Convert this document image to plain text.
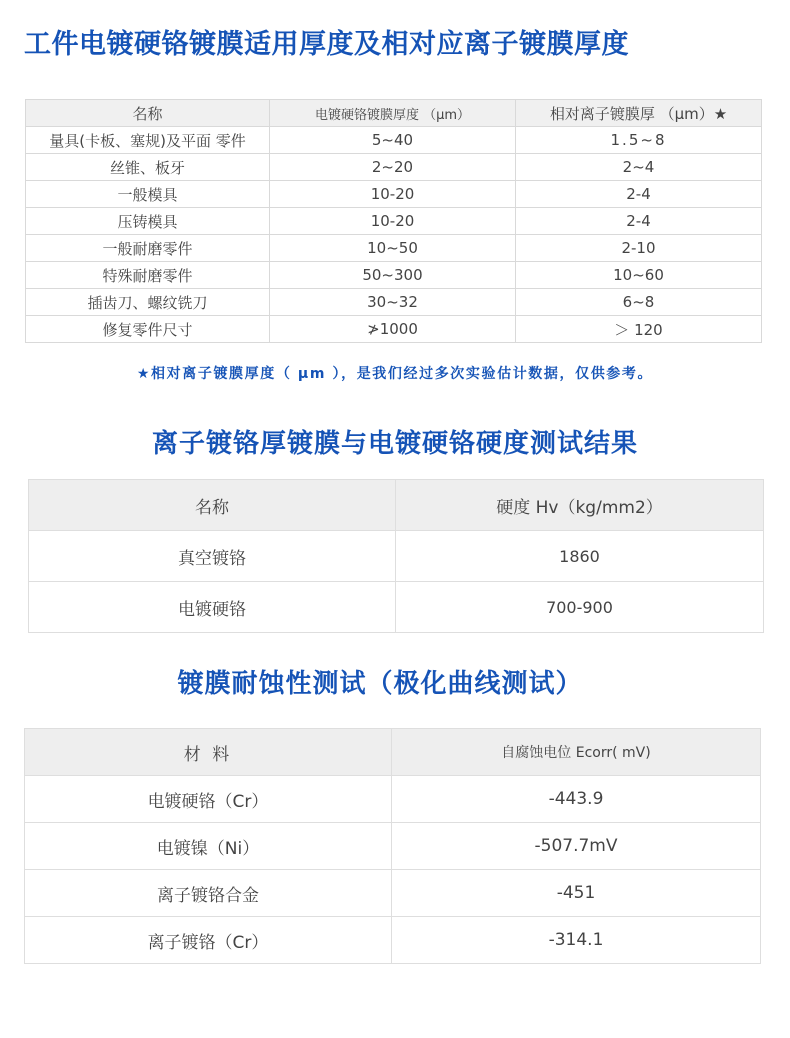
工件电镀硬铬镀膜适用厚度及相对应离子镀膜厚度
名称	电镀硬铬镀膜厚度 （μm）	相对离子镀膜厚 （μm）★
量具(卡板、塞规)及平面 零件	5~40	1.5~8
丝锥、板牙	2~20	2~4
一般模具	10-20	2-4
压铸模具	10-20	2-4
一般耐磨零件	10~50	2-10
特殊耐磨零件	50~300	10~60
插齿刀、螺纹铣刀	30~32	6~8
修复零件尺寸	≯1000	＞ 120
★相对离子镀膜厚度（ μm ），是我们经过多次实验估计数据，仅供参考。
离子镀铬厚镀膜与电镀硬铬硬度测试结果
名称	硬度 Hv（kg/mm2）
真空镀铬	1860
电镀硬铬	700-900
镀膜耐蚀性测试（极化曲线测试）
材 料	自腐蚀电位 Ecorr( mV)
电镀硬铬（Cr）	-443.9
电镀镍（Ni）	-507.7mV
离子镀铬合金	-451
离子镀铬（Cr）	-314.1
